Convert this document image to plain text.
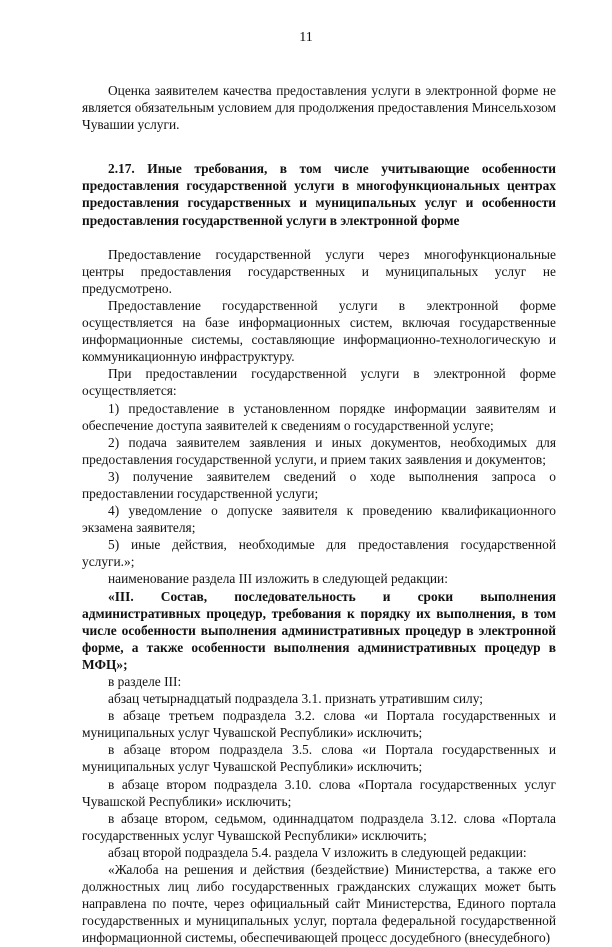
11

Оценка заявителем качества предоставления услуги в электронной форме не является обязательным условием для продолжения предоставления Минсельхозом Чувашии услуги.

2.17. Иные требования, в том числе учитывающие особенности предоставления государственной услуги в многофункциональных центрах предоставления государственных и муниципальных услуг и особенности предоставления государственной услуги в электронной форме

Предоставление государственной услуги через многофункциональные центры предоставления государственных и муниципальных услуг не предусмотрено.

Предоставление государственной услуги в электронной форме осуществляется на базе информационных систем, включая государственные информационные системы, составляющие информационно-технологическую и коммуникационную инфраструктуру.

При предоставлении государственной услуги в электронной форме осуществляется:

1) предоставление в установленном порядке информации заявителям и обеспечение доступа заявителей к сведениям о государственной услуге;

2) подача заявителем заявления и иных документов, необходимых для предоставления государственной услуги, и прием таких заявления и документов;

3) получение заявителем сведений о ходе выполнения запроса о предоставлении государственной услуги;

4) уведомление о допуске заявителя к проведению квалификационного экзамена заявителя;

5) иные действия, необходимые для предоставления государственной услуги.»;

наименование раздела III изложить в следующей редакции:

«III. Состав, последовательность и сроки выполнения административных процедур, требования к порядку их выполнения, в том числе особенности выполнения административных процедур в электронной форме, а также особенности выполнения административных процедур в МФЦ»;

в разделе III:

абзац четырнадцатый подраздела 3.1. признать утратившим силу;

в абзаце третьем подраздела 3.2. слова «и Портала государственных и муниципальных услуг Чувашской Республики» исключить;

в абзаце втором подраздела 3.5. слова «и Портала государственных и муниципальных услуг Чувашской Республики» исключить;

в абзаце втором подраздела 3.10. слова «Портала государственных услуг Чувашской Республики» исключить;

в абзаце втором, седьмом, одиннадцатом подраздела 3.12. слова «Портала государственных услуг Чувашской Республики» исключить;

абзац второй подраздела 5.4. раздела V изложить в следующей редакции:

«Жалоба на решения и действия (бездействие) Министерства, а также его должностных лиц либо государственных гражданских служащих может быть направлена по почте, через официальный сайт Министерства, Единого портала государственных и муниципальных услуг, портала федеральной государственной информационной системы, обеспечивающей процесс досудебного (внесудебного)
